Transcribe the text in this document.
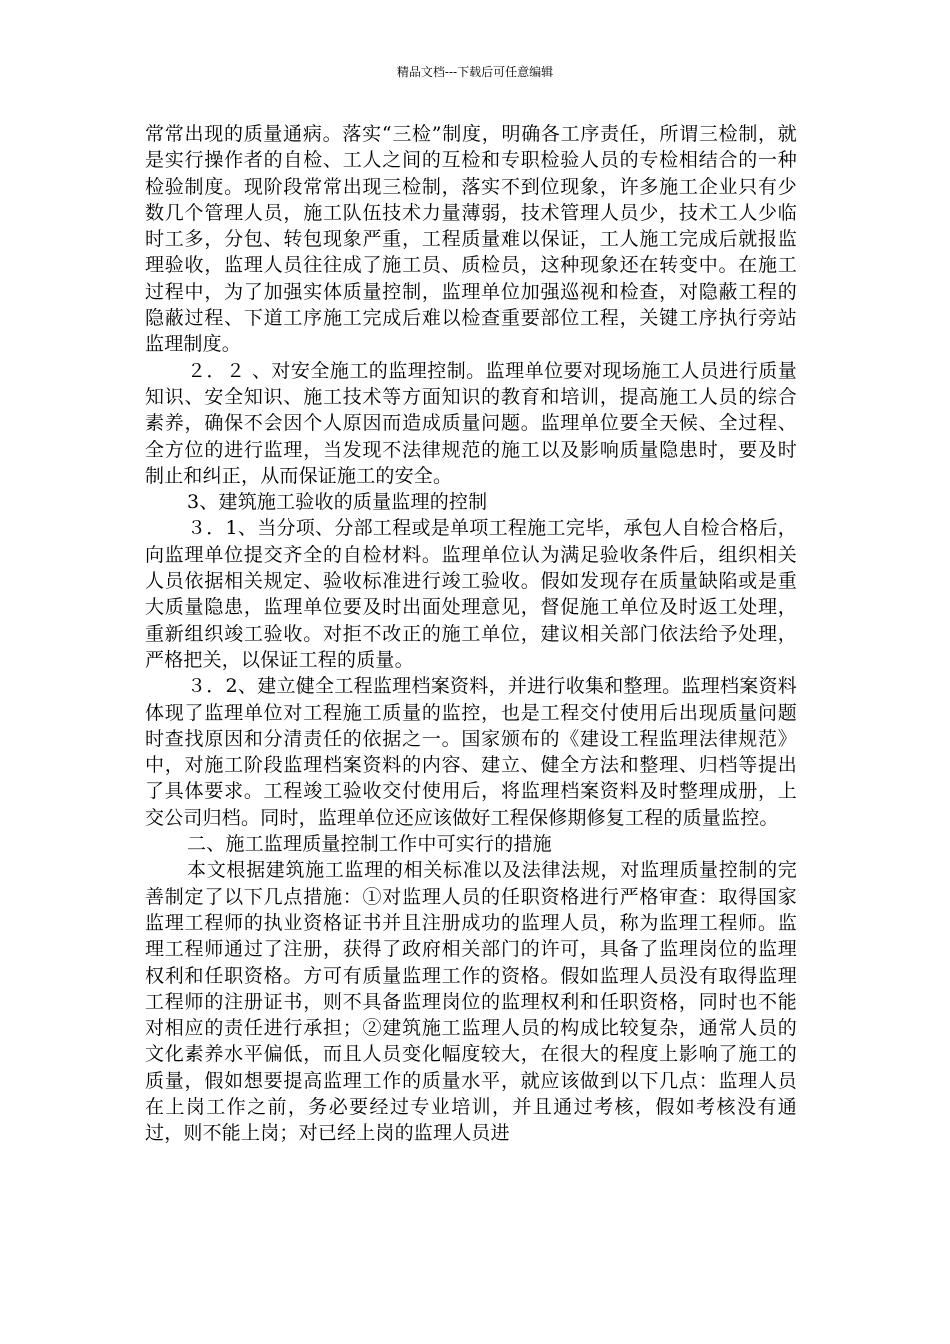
精品文档---下载后可任意编辑

常常出现的质量通病。落实“三检”制度，明确各工序责任，所谓三检制，就是实行操作者的自检、工人之间的互检和专职检验人员的专检相结合的一种检验制度。现阶段常常出现三检制，落实不到位现象，许多施工企业只有少数几个管理人员，施工队伍技术力量薄弱，技术管理人员少，技术工人少临时工多，分包、转包现象严重，工程质量难以保证，工人施工完成后就报监理验收，监理人员往往成了施工员、质检员，这种现象还在转变中。在施工过程中，为了加强实体质量控制，监理单位加强巡视和检查，对隐蔽工程的隐蔽过程、下道工序施工完成后难以检查重要部位工程，关键工序执行旁站监理制度。

２．２ 、对安全施工的监理控制。监理单位要对现场施工人员进行质量知识、安全知识、施工技术等方面知识的教育和培训，提高施工人员的综合素养，确保不会因个人原因而造成质量问题。监理单位要全天候、全过程、全方位的进行监理，当发现不法律规范的施工以及影响质量隐患时，要及时制止和纠正，从而保证施工的安全。

3、建筑施工验收的质量监理的控制

３．1、当分项、分部工程或是单项工程施工完毕，承包人自检合格后，向监理单位提交齐全的自检材料。监理单位认为满足验收条件后，组织相关人员依据相关规定、验收标准进行竣工验收。假如发现存在质量缺陷或是重大质量隐患，监理单位要及时出面处理意见，督促施工单位及时返工处理，重新组织竣工验收。对拒不改正的施工单位，建议相关部门依法给予处理，严格把关，以保证工程的质量。

３．2、建立健全工程监理档案资料，并进行收集和整理。监理档案资料体现了监理单位对工程施工质量的监控，也是工程交付使用后出现质量问题时查找原因和分清责任的依据之一。国家颁布的《建设工程监理法律规范》中，对施工阶段监理档案资料的内容、建立、健全方法和整理、归档等提出了具体要求。工程竣工验收交付使用后，将监理档案资料及时整理成册，上交公司归档。同时，监理单位还应该做好工程保修期修复工程的质量监控。

二、施工监理质量控制工作中可实行的措施

本文根据建筑施工监理的相关标准以及法律法规，对监理质量控制的完善制定了以下几点措施：①对监理人员的任职资格进行严格审查：取得国家监理工程师的执业资格证书并且注册成功的监理人员，称为监理工程师。监理工程师通过了注册，获得了政府相关部门的许可，具备了监理岗位的监理权利和任职资格。方可有质量监理工作的资格。假如监理人员没有取得监理工程师的注册证书，则不具备监理岗位的监理权利和任职资格，同时也不能对相应的责任进行承担；②建筑施工监理人员的构成比较复杂，通常人员的文化素养水平偏低，而且人员变化幅度较大，在很大的程度上影响了施工的质量，假如想要提高监理工作的质量水平，就应该做到以下几点：监理人员在上岗工作之前，务必要经过专业培训，并且通过考核，假如考核没有通过，则不能上岗；对已经上岗的监理人员进
